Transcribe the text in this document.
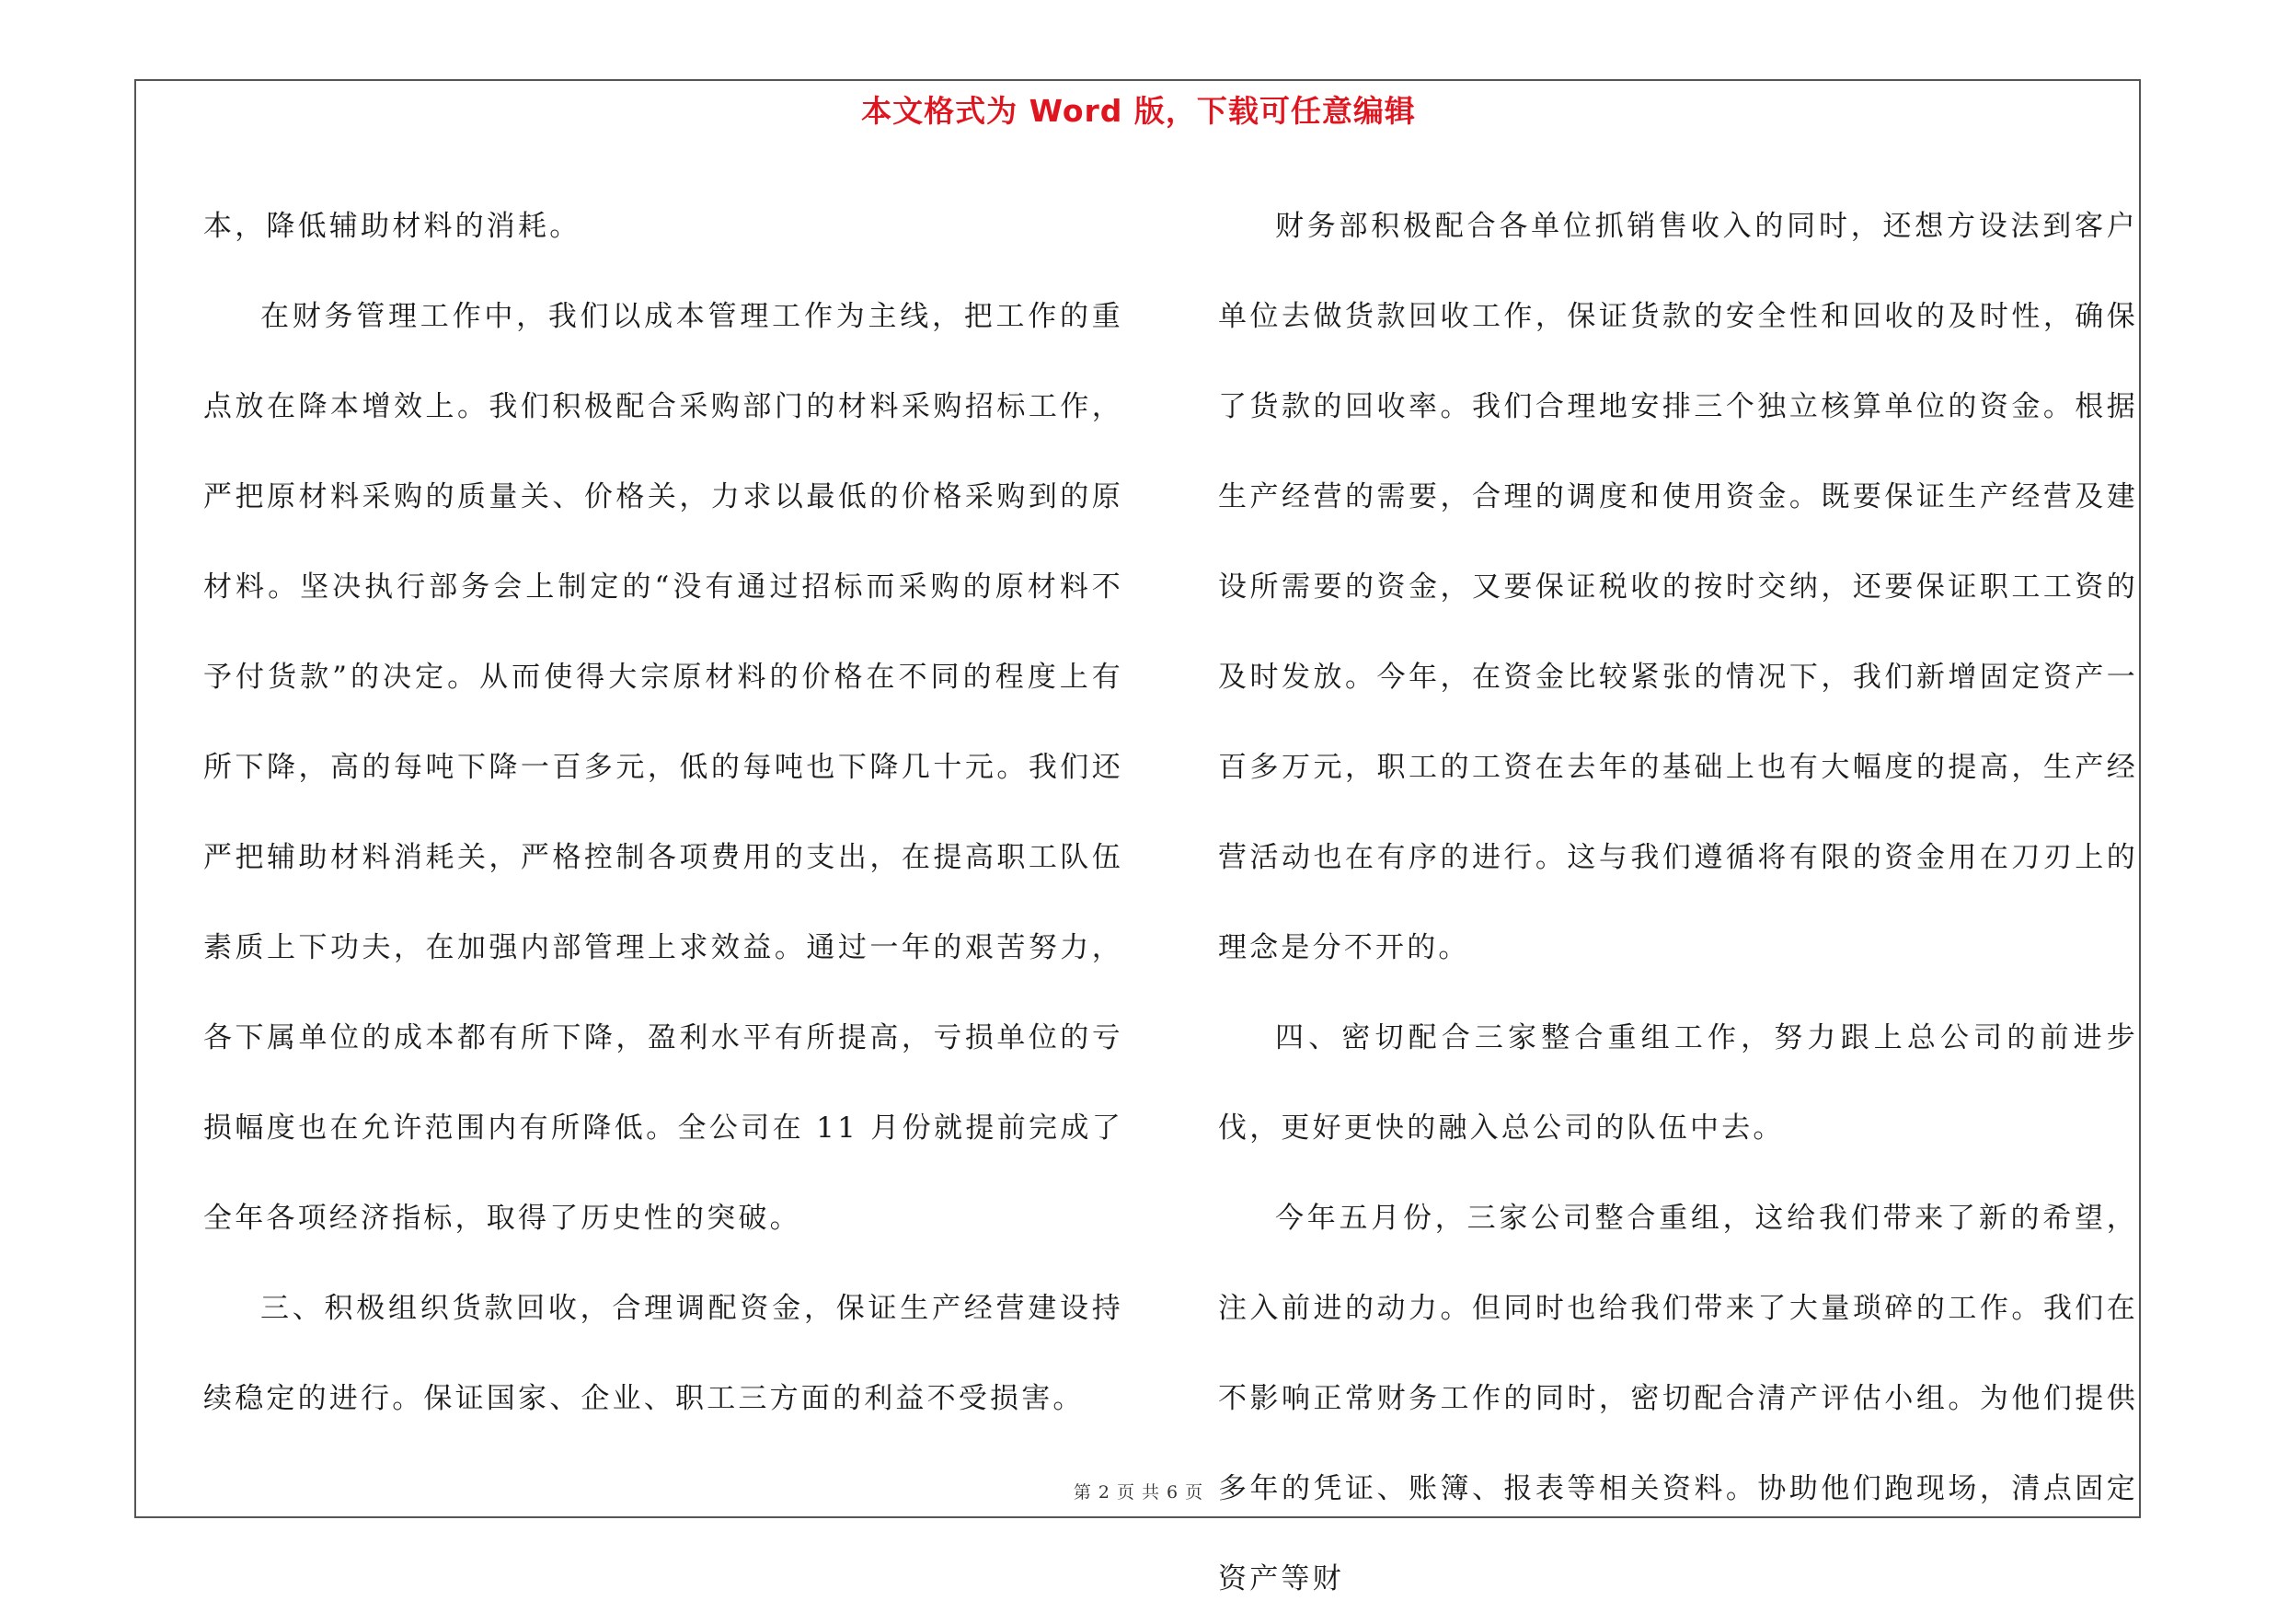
本文格式为 Word 版，下载可任意编辑

本，降低辅助材料的消耗。

在财务管理工作中，我们以成本管理工作为主线，把工作的重点放在降本增效上。我们积极配合采购部门的材料采购招标工作，严把原材料采购的质量关、价格关，力求以最低的价格采购到的原材料。坚决执行部务会上制定的“没有通过招标而采购的原材料不予付货款”的决定。从而使得大宗原材料的价格在不同的程度上有所下降，高的每吨下降一百多元，低的每吨也下降几十元。我们还严把辅助材料消耗关，严格控制各项费用的支出，在提高职工队伍素质上下功夫，在加强内部管理上求效益。通过一年的艰苦努力，各下属单位的成本都有所下降，盈利水平有所提高，亏损单位的亏损幅度也在允许范围内有所降低。全公司在 11 月份就提前完成了全年各项经济指标，取得了历史性的突破。

三、积极组织货款回收，合理调配资金，保证生产经营建设持续稳定的进行。保证国家、企业、职工三方面的利益不受损害。

财务部积极配合各单位抓销售收入的同时，还想方设法到客户单位去做货款回收工作，保证货款的安全性和回收的及时性，确保了货款的回收率。我们合理地安排三个独立核算单位的资金。根据生产经营的需要，合理的调度和使用资金。既要保证生产经营及建设所需要的资金，又要保证税收的按时交纳，还要保证职工工资的及时发放。今年，在资金比较紧张的情况下，我们新增固定资产一百多万元，职工的工资在去年的基础上也有大幅度的提高，生产经营活动也在有序的进行。这与我们遵循将有限的资金用在刀刃上的理念是分不开的。

四、密切配合三家整合重组工作，努力跟上总公司的前进步伐，更好更快的融入总公司的队伍中去。

今年五月份，三家公司整合重组，这给我们带来了新的希望，注入前进的动力。但同时也给我们带来了大量琐碎的工作。我们在不影响正常财务工作的同时，密切配合清产评估小组。为他们提供多年的凭证、账簿、报表等相关资料。协助他们跑现场，清点固定资产等财

第 2 页 共 6 页
